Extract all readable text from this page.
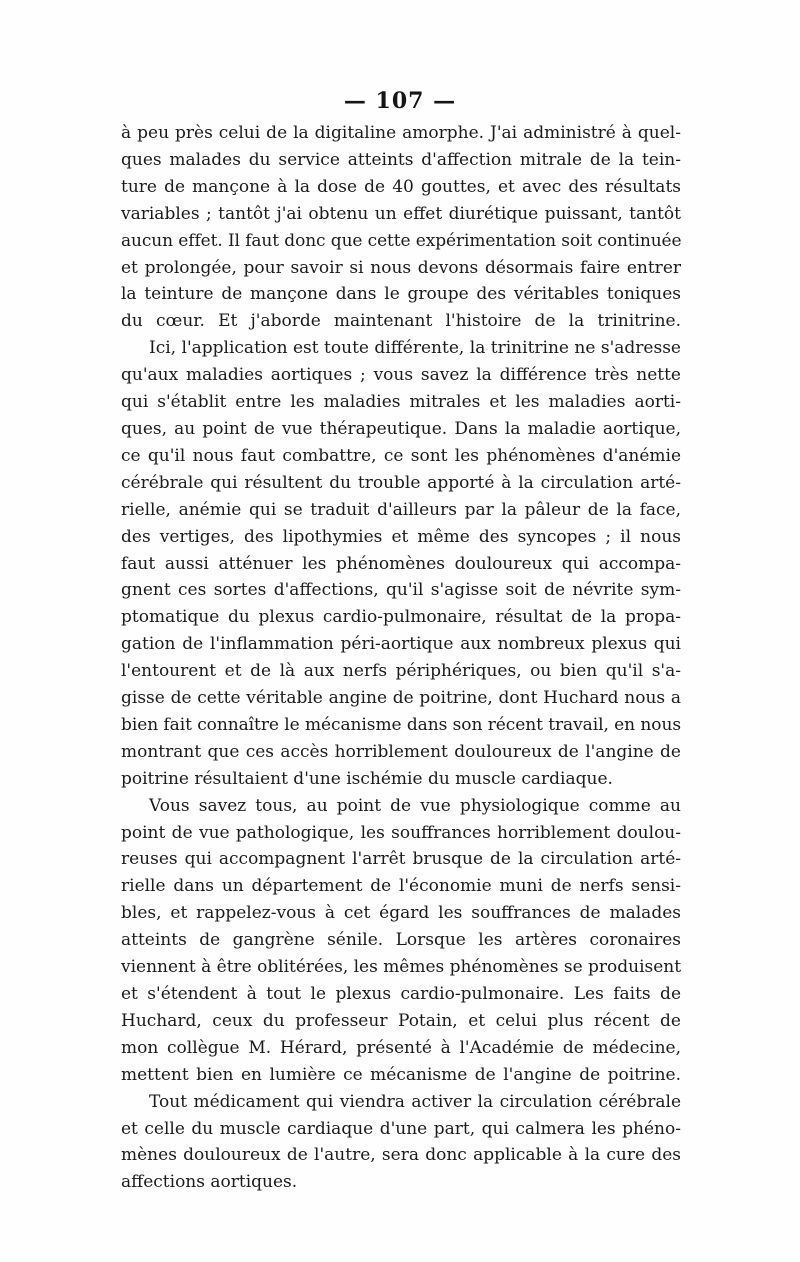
— 107 —
à peu près celui de la digitaline amorphe. J'ai administré à quel-
ques malades du service atteints d'affection mitrale de la tein-
ture de mançone à la dose de 40 gouttes, et avec des résultats
variables ; tantôt j'ai obtenu un effet diurétique puissant, tantôt
aucun effet. Il faut donc que cette expérimentation soit continuée
et prolongée, pour savoir si nous devons désormais faire entrer
la teinture de mançone dans le groupe des véritables toniques
du cœur. Et j'aborde maintenant l'histoire de la trinitrine.
Ici, l'application est toute différente, la trinitrine ne s'adresse
qu'aux maladies aortiques ; vous savez la différence très nette
qui s'établit entre les maladies mitrales et les maladies aorti-
ques, au point de vue thérapeutique. Dans la maladie aortique,
ce qu'il nous faut combattre, ce sont les phénomènes d'anémie
cérébrale qui résultent du trouble apporté à la circulation arté-
rielle, anémie qui se traduit d'ailleurs par la pâleur de la face,
des vertiges, des lipothymies et même des syncopes ; il nous
faut aussi atténuer les phénomènes douloureux qui accompa-
gnent ces sortes d'affections, qu'il s'agisse soit de névrite sym-
ptomatique du plexus cardio-pulmonaire, résultat de la propa-
gation de l'inflammation péri-aortique aux nombreux plexus qui
l'entourent et de là aux nerfs périphériques, ou bien qu'il s'a-
gisse de cette véritable angine de poitrine, dont Huchard nous a
bien fait connaître le mécanisme dans son récent travail, en nous
montrant que ces accès horriblement douloureux de l'angine de
poitrine résultaient d'une ischémie du muscle cardiaque.
Vous savez tous, au point de vue physiologique comme au
point de vue pathologique, les souffrances horriblement doulou-
reuses qui accompagnent l'arrêt brusque de la circulation arté-
rielle dans un département de l'économie muni de nerfs sensi-
bles, et rappelez-vous à cet égard les souffrances de malades
atteints de gangrène sénile. Lorsque les artères coronaires
viennent à être oblitérées, les mêmes phénomènes se produisent
et s'étendent à tout le plexus cardio-pulmonaire. Les faits de
Huchard, ceux du professeur Potain, et celui plus récent de
mon collègue M. Hérard, présenté à l'Académie de médecine,
mettent bien en lumière ce mécanisme de l'angine de poitrine.
Tout médicament qui viendra activer la circulation cérébrale
et celle du muscle cardiaque d'une part, qui calmera les phéno-
mènes douloureux de l'autre, sera donc applicable à la cure des
affections aortiques.
